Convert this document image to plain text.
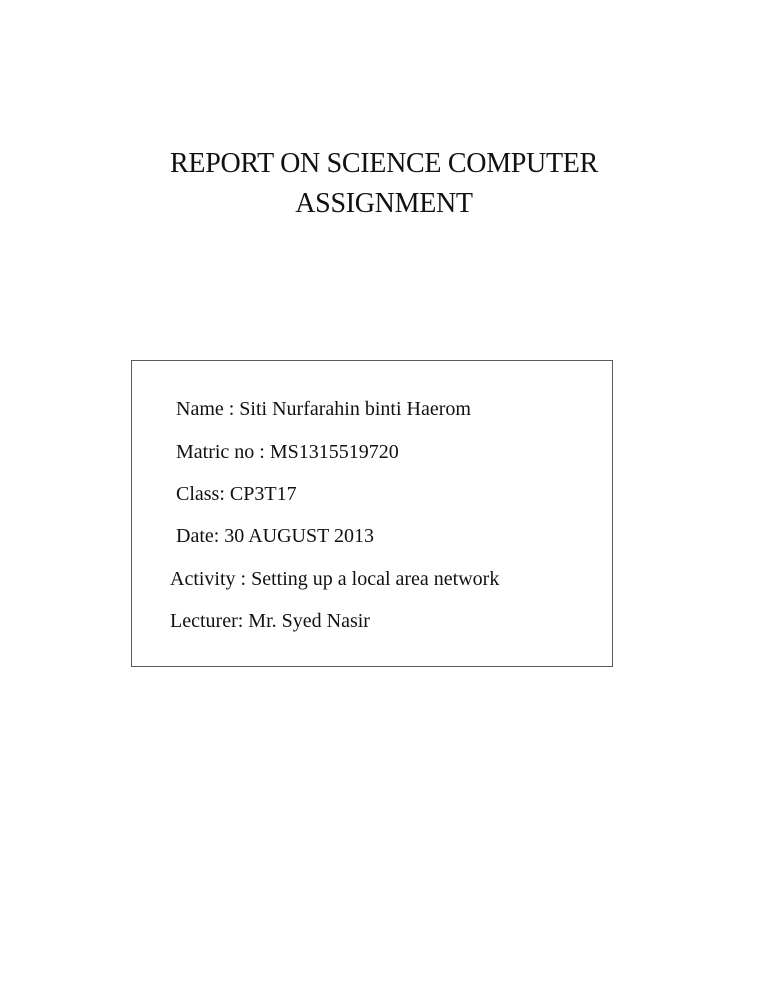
REPORT ON SCIENCE COMPUTER
ASSIGNMENT
Name : Siti Nurfarahin binti Haerom
Matric no : MS1315519720
Class: CP3T17
Date: 30 AUGUST 2013
Activity : Setting up a local area network
Lecturer: Mr. Syed Nasir
